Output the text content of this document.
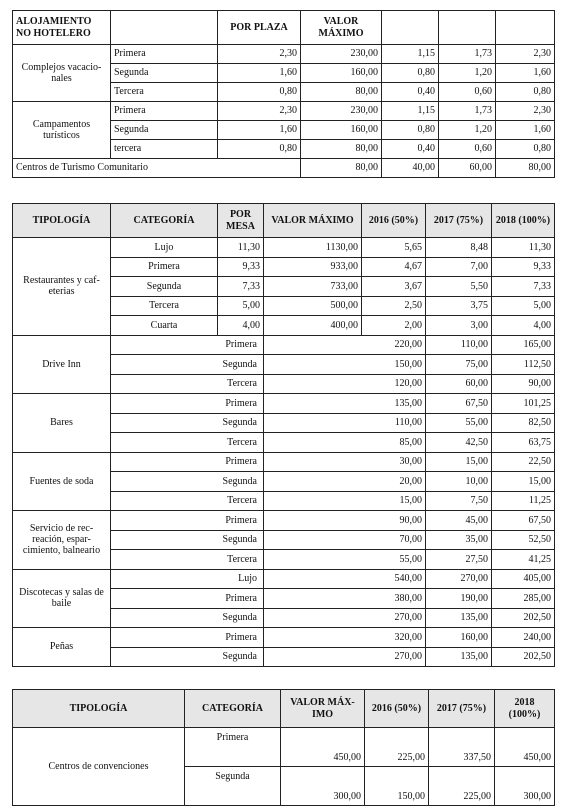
ALOJAMIENTO NO HOTELERO		POR PLAZA	VALOR MÁXIMO			
Complejos vacacio-nales	Primera	2,30	230,00	1,15	1,73	2,30
	Segunda	1,60	160,00	0,80	1,20	1,60
	Tercera	0,80	80,00	0,40	0,60	0,80
Campamentos turísticos	Primera	2,30	230,00	1,15	1,73	2,30
	Segunda	1,60	160,00	0,80	1,20	1,60
	tercera	0,80	80,00	0,40	0,60	0,80
Centros de Turismo Comunitario			80,00	40,00	60,00	80,00
TIPOLOGÍA	CATEGORÍA	POR MESA	VALOR MÁXIMO	2016 (50%)	2017 (75%)	2018 (100%)	
Restaurantes y caf-eterias	Lujo	11,30	1130,00	5,65	8,48	11,30	
	Primera	9,33	933,00	4,67	7,00	9,33	
	Segunda	7,33	733,00	3,67	5,50	7,33	
	Tercera	5,00	500,00	2,50	3,75	5,00	
	Cuarta	4,00	400,00	2,00	3,00	4,00	
Drive Inn	Primera		220,00		110,00	165,00	
	Segunda		150,00		75,00	112,50	
	Tercera		120,00		60,00	90,00	
Bares	Primera		135,00		67,50	101,25	
	Segunda		110,00		55,00	82,50	
	Tercera		85,00		42,50	63,75	
Fuentes de soda	Primera		30,00		15,00	22,50	
	Segunda		20,00		10,00	15,00	
	Tercera		15,00		7,50	11,25	
Servicio de rec-reación, espar-cimiento, balneario	Primera		90,00		45,00	67,50	
	Segunda		70,00		35,00	52,50	
	Tercera		55,00		27,50	41,25	
Discotecas y salas de baile	Lujo		540,00		270,00	405,00	
	Primera		380,00		190,00	285,00	
	Segunda		270,00		135,00	202,50	
Peñas	Primera		320,00		160,00	240,00	
	Segunda		270,00		135,00	202,50	
TIPOLOGÍA	CATEGORÍA	VALOR MÁX-IMO	2016 (50%)	2017 (75%)	2018 (100%)
Centros de convenciones	Primera	450,00	225,00	337,50	450,00
	Segunda	300,00	150,00	225,00	300,00
